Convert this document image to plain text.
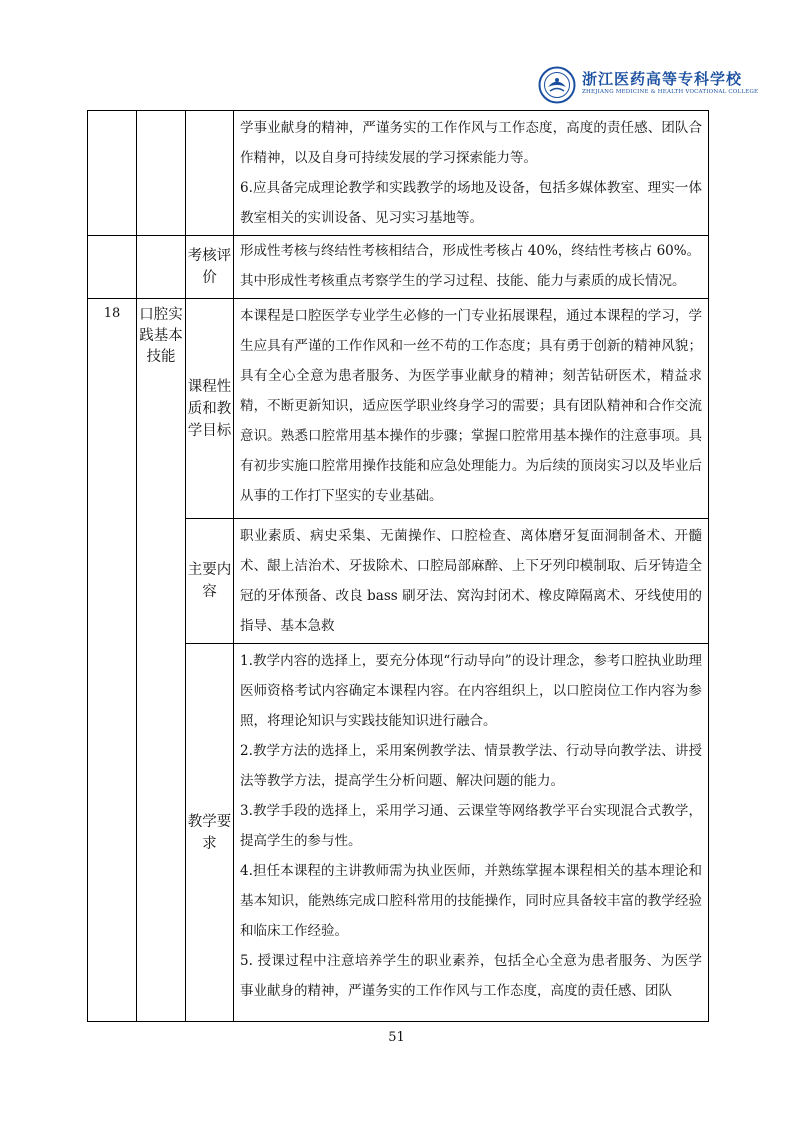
浙江医药高等专科学校
ZHEJIANG MEDICINE & HEALTH VOCATIONAL COLLEGE

			学事业献身的精神，严谨务实的工作作风与工作态度，高度的责任感、团队合作精神，以及自身可持续发展的学习探索能力等。
6.应具备完成理论教学和实践教学的场地及设备，包括多媒体教室、理实一体教室相关的实训设备、见习实习基地等。

		考核评价	形成性考核与终结性考核相结合，形成性考核占 40%，终结性考核占 60%。其中形成性考核重点考察学生的学习过程、技能、能力与素质的成长情况。
18	口腔实践基本技能	课程性质和教学目标	本课程是口腔医学专业学生必修的一门专业拓展课程，通过本课程的学习，学生应具有严谨的工作作风和一丝不苟的工作态度；具有勇于创新的精神风貌；具有全心全意为患者服务、为医学事业献身的精神；刻苦钻研医术，精益求精，不断更新知识，适应医学职业终身学习的需要；具有团队精神和合作交流意识。熟悉口腔常用基本操作的步骤；掌握口腔常用基本操作的注意事项。具有初步实施口腔常用操作技能和应急处理能力。为后续的顶岗实习以及毕业后从事的工作打下坚实的专业基础。
		主要内容	职业素质、病史采集、无菌操作、口腔检查、离体磨牙复面洞制备术、开髓术、龈上洁治术、牙拔除术、口腔局部麻醉、上下牙列印模制取、后牙铸造全冠的牙体预备、改良 bass 刷牙法、窝沟封闭术、橡皮障隔离术、牙线使用的指导、基本急救
		教学要求	1.教学内容的选择上，要充分体现“行动导向”的设计理念，参考口腔执业助理医师资格考试内容确定本课程内容。在内容组织上，以口腔岗位工作内容为参照，将理论知识与实践技能知识进行融合。
2.教学方法的选择上，采用案例教学法、情景教学法、行动导向教学法、讲授法等教学方法，提高学生分析问题、解决问题的能力。
3.教学手段的选择上，采用学习通、云课堂等网络教学平台实现混合式教学，提高学生的参与性。
4.担任本课程的主讲教师需为执业医师，并熟练掌握本课程相关的基本理论和基本知识，能熟练完成口腔科常用的技能操作，同时应具备较丰富的教学经验和临床工作经验。
5. 授课过程中注意培养学生的职业素养，包括全心全意为患者服务、为医学事业献身的精神，严谨务实的工作作风与工作态度，高度的责任感、团队
51
